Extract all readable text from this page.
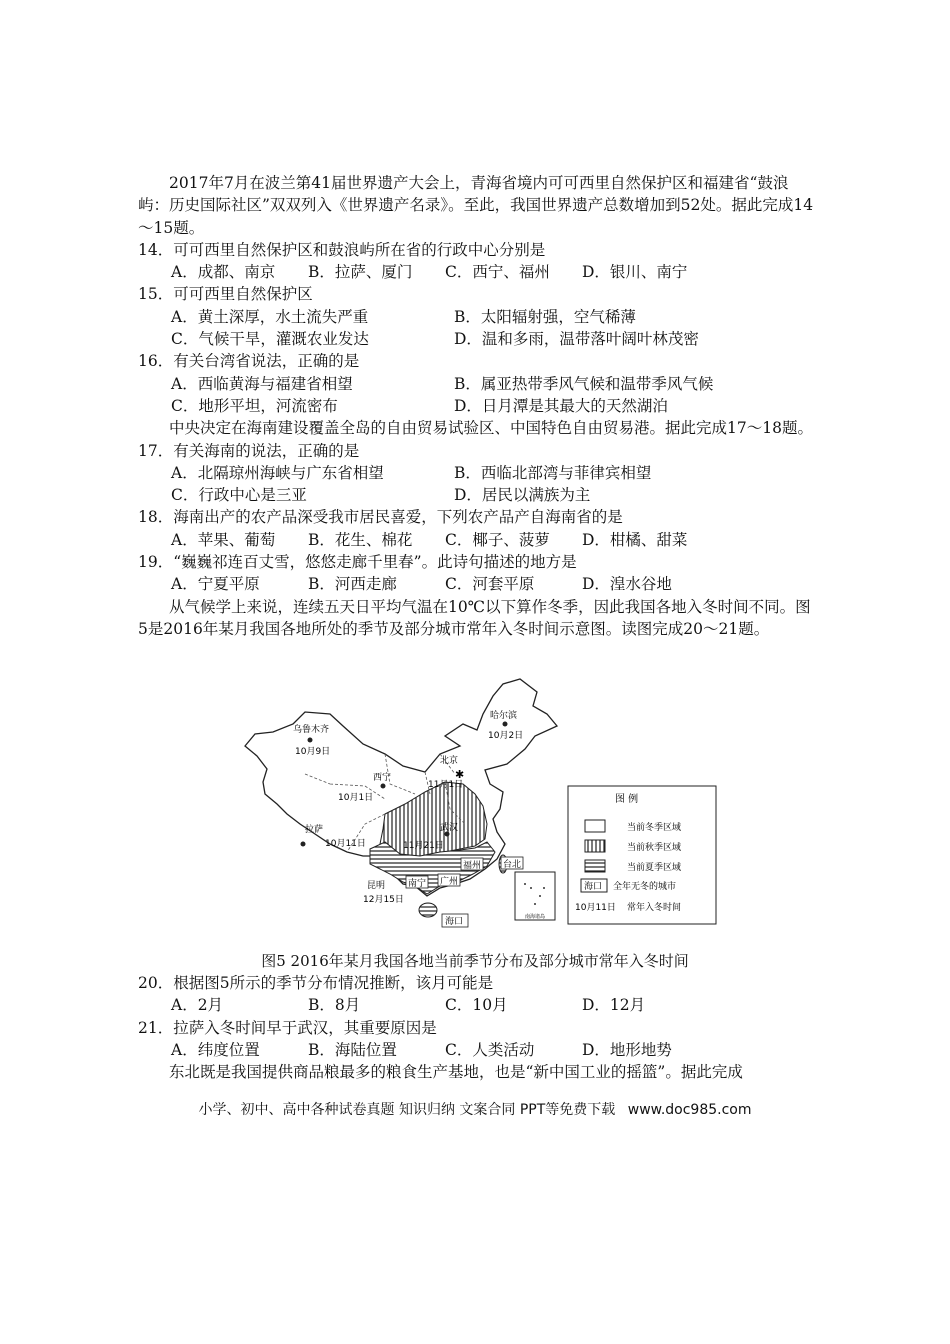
2017年7月在波兰第41届世界遗产大会上，青海省境内可可西里自然保护区和福建省“鼓浪屿：历史国际社区”双双列入《世界遗产名录》。至此，我国世界遗产总数增加到52处。据此完成14～15题。

14．可可西里自然保护区和鼓浪屿所在省的行政中心分别是

A．成都、南京	B．拉萨、厦门	C．西宁、福州	D．银川、南宁

15．可可西里自然保护区

A．黄土深厚，水土流失严重	B．太阳辐射强，空气稀薄
C．气候干旱，灌溉农业发达	D．温和多雨，温带落叶阔叶林茂密

16．有关台湾省说法，正确的是

A．西临黄海与福建省相望	B．属亚热带季风气候和温带季风气候
C．地形平坦，河流密布	D．日月潭是其最大的天然湖泊

中央决定在海南建设覆盖全岛的自由贸易试验区、中国特色自由贸易港。据此完成17～18题。

17．有关海南的说法，正确的是

A．北隔琼州海峡与广东省相望	B．西临北部湾与菲律宾相望
C．行政中心是三亚	D．居民以满族为主

18．海南出产的农产品深受我市居民喜爱，下列农产品产自海南省的是

A．苹果、葡萄	B．花生、棉花	C．椰子、菠萝	D．柑橘、甜菜

19．“巍巍祁连百丈雪，悠悠走廊千里春”。此诗句描述的地方是

A．宁夏平原	B．河西走廊	C．河套平原	D．湟水谷地

从气候学上来说，连续五天日平均气温在10℃以下算作冬季，因此我国各地入冬时间不同。图5是2016年某月我国各地所处的季节及部分城市常年入冬时间示意图。读图完成20～21题。

南海诸岛
✱
乌鲁木齐
10月9日
哈尔滨
10月2日
北京
11月1日
西宁
10月1日
拉萨
10月11日
武汉
11月21日
昆明
12月15日
南宁 广州
福州 台北
海口
图 例
当前冬季区域
当前秋季区域
当前夏季区域
海口 全年无冬的城市
10月11日 常年入冬时间
图5 2016年某月我国各地当前季节分布及部分城市常年入冬时间

20．根据图5所示的季节分布情况推断，该月可能是

A．2月	B．8月	C．10月	D．12月

21．拉萨入冬时间早于武汉，其重要原因是

A．纬度位置	B．海陆位置	C．人类活动	D．地形地势

东北既是我国提供商品粮最多的粮食生产基地，也是“新中国工业的摇篮”。据此完成

小学、初中、高中各种试卷真题 知识归纳 文案合同 PPT等免费下载 www.doc985.com
